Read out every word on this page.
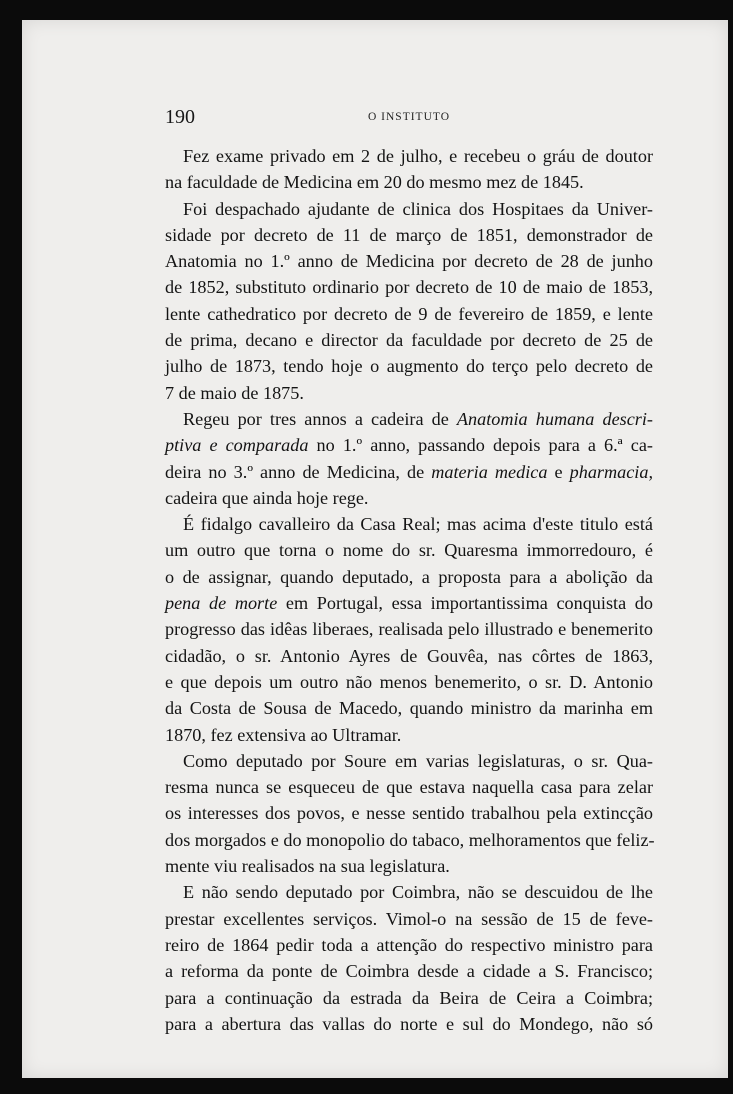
190	O INSTITUTO
Fez exame privado em 2 de julho, e recebeu o gráu de doutor
na faculdade de Medicina em 20 do mesmo mez de 1845.
Foi despachado ajudante de clinica dos Hospitaes da Univer-
sidade por decreto de 11 de março de 1851, demonstrador de
Anatomia no 1.º anno de Medicina por decreto de 28 de junho
de 1852, substituto ordinario por decreto de 10 de maio de 1853,
lente cathedratico por decreto de 9 de fevereiro de 1859, e lente
de prima, decano e director da faculdade por decreto de 25 de
julho de 1873, tendo hoje o augmento do terço pelo decreto de
7 de maio de 1875.
Regeu por tres annos a cadeira de Anatomia humana descri-
ptiva e comparada no 1.º anno, passando depois para a 6.ª ca-
deira no 3.º anno de Medicina, de materia medica e pharmacia,
cadeira que ainda hoje rege.
É fidalgo cavalleiro da Casa Real; mas acima d'este titulo está
um outro que torna o nome do sr. Quaresma immorredouro, é
o de assignar, quando deputado, a proposta para a abolição da
pena de morte em Portugal, essa importantissima conquista do
progresso das idêas liberaes, realisada pelo illustrado e benemerito
cidadão, o sr. Antonio Ayres de Gouvêa, nas côrtes de 1863,
e que depois um outro não menos benemerito, o sr. D. Antonio
da Costa de Sousa de Macedo, quando ministro da marinha em
1870, fez extensiva ao Ultramar.
Como deputado por Soure em varias legislaturas, o sr. Qua-
resma nunca se esqueceu de que estava naquella casa para zelar
os interesses dos povos, e nesse sentido trabalhou pela extincção
dos morgados e do monopolio do tabaco, melhoramentos que feliz-
mente viu realisados na sua legislatura.
E não sendo deputado por Coimbra, não se descuidou de lhe
prestar excellentes serviços. Vimol-o na sessão de 15 de feve-
reiro de 1864 pedir toda a attenção do respectivo ministro para
a reforma da ponte de Coimbra desde a cidade a S. Francisco;
para a continuação da estrada da Beira de Ceira a Coimbra;
para a abertura das vallas do norte e sul do Mondego, não só
